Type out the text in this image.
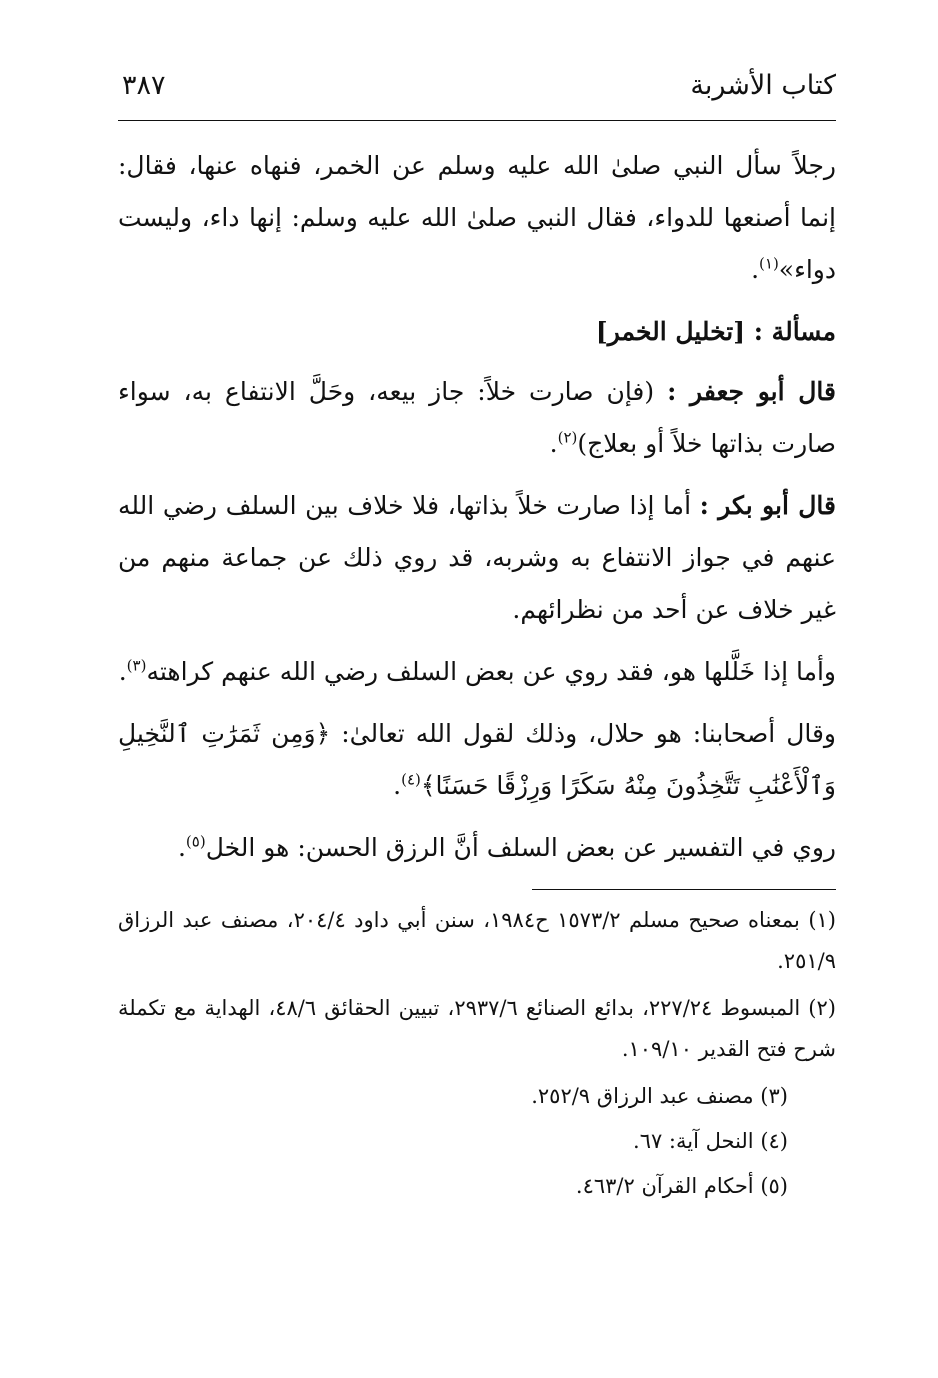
كتاب الأشربة
٣٨٧

رجلاً سأل النبي صلىٰ الله عليه وسلم عن الخمر، فنهاه عنها، فقال: إنما أصنعها للدواء، فقال النبي صلىٰ الله عليه وسلم: إنها داء، وليست دواء»$^{(١)}$.

مسألة : [تخليل الخمر]

قال أبو جعفر : (فإن صارت خلاً: جاز بيعه، وحَلَّ الانتفاع به، سواء صارت بذاتها خلاً أو بعلاج)$^{(٢)}$.

قال أبو بكر : أما إذا صارت خلاً بذاتها، فلا خلاف بين السلف رضي الله عنهم في جواز الانتفاع به وشربه، قد روي ذلك عن جماعة منهم من غير خلاف عن أحد من نظرائهم.

وأما إذا خَلَّلها هو، فقد روي عن بعض السلف رضي الله عنهم كراهته$^{(٣)}$.

وقال أصحابنا: هو حلال، وذلك لقول الله تعالىٰ: ﴿وَمِن ثَمَرَٰتِ ٱلنَّخِيلِ وَٱلْأَعْنَٰبِ تَتَّخِذُونَ مِنْهُ سَكَرًا وَرِزْقًا حَسَنًا﴾$^{(٤)}$.

روي في التفسير عن بعض السلف أنَّ الرزق الحسن: هو الخل$^{(٥)}$.

(١) بمعناه صحيح مسلم ١٥٧٣/٢ ح١٩٨٤، سنن أبي داود ٢٠٤/٤، مصنف عبد الرزاق ٢٥١/٩.

(٢) المبسوط ٢٢٧/٢٤، بدائع الصنائع ٢٩٣٧/٦، تبيين الحقائق ٤٨/٦، الهداية مع تكملة شرح فتح القدير ١٠٩/١٠.

(٣) مصنف عبد الرزاق ٢٥٢/٩.

(٤) النحل آية: ٦٧.

(٥) أحكام القرآن ٤٦٣/٢.
